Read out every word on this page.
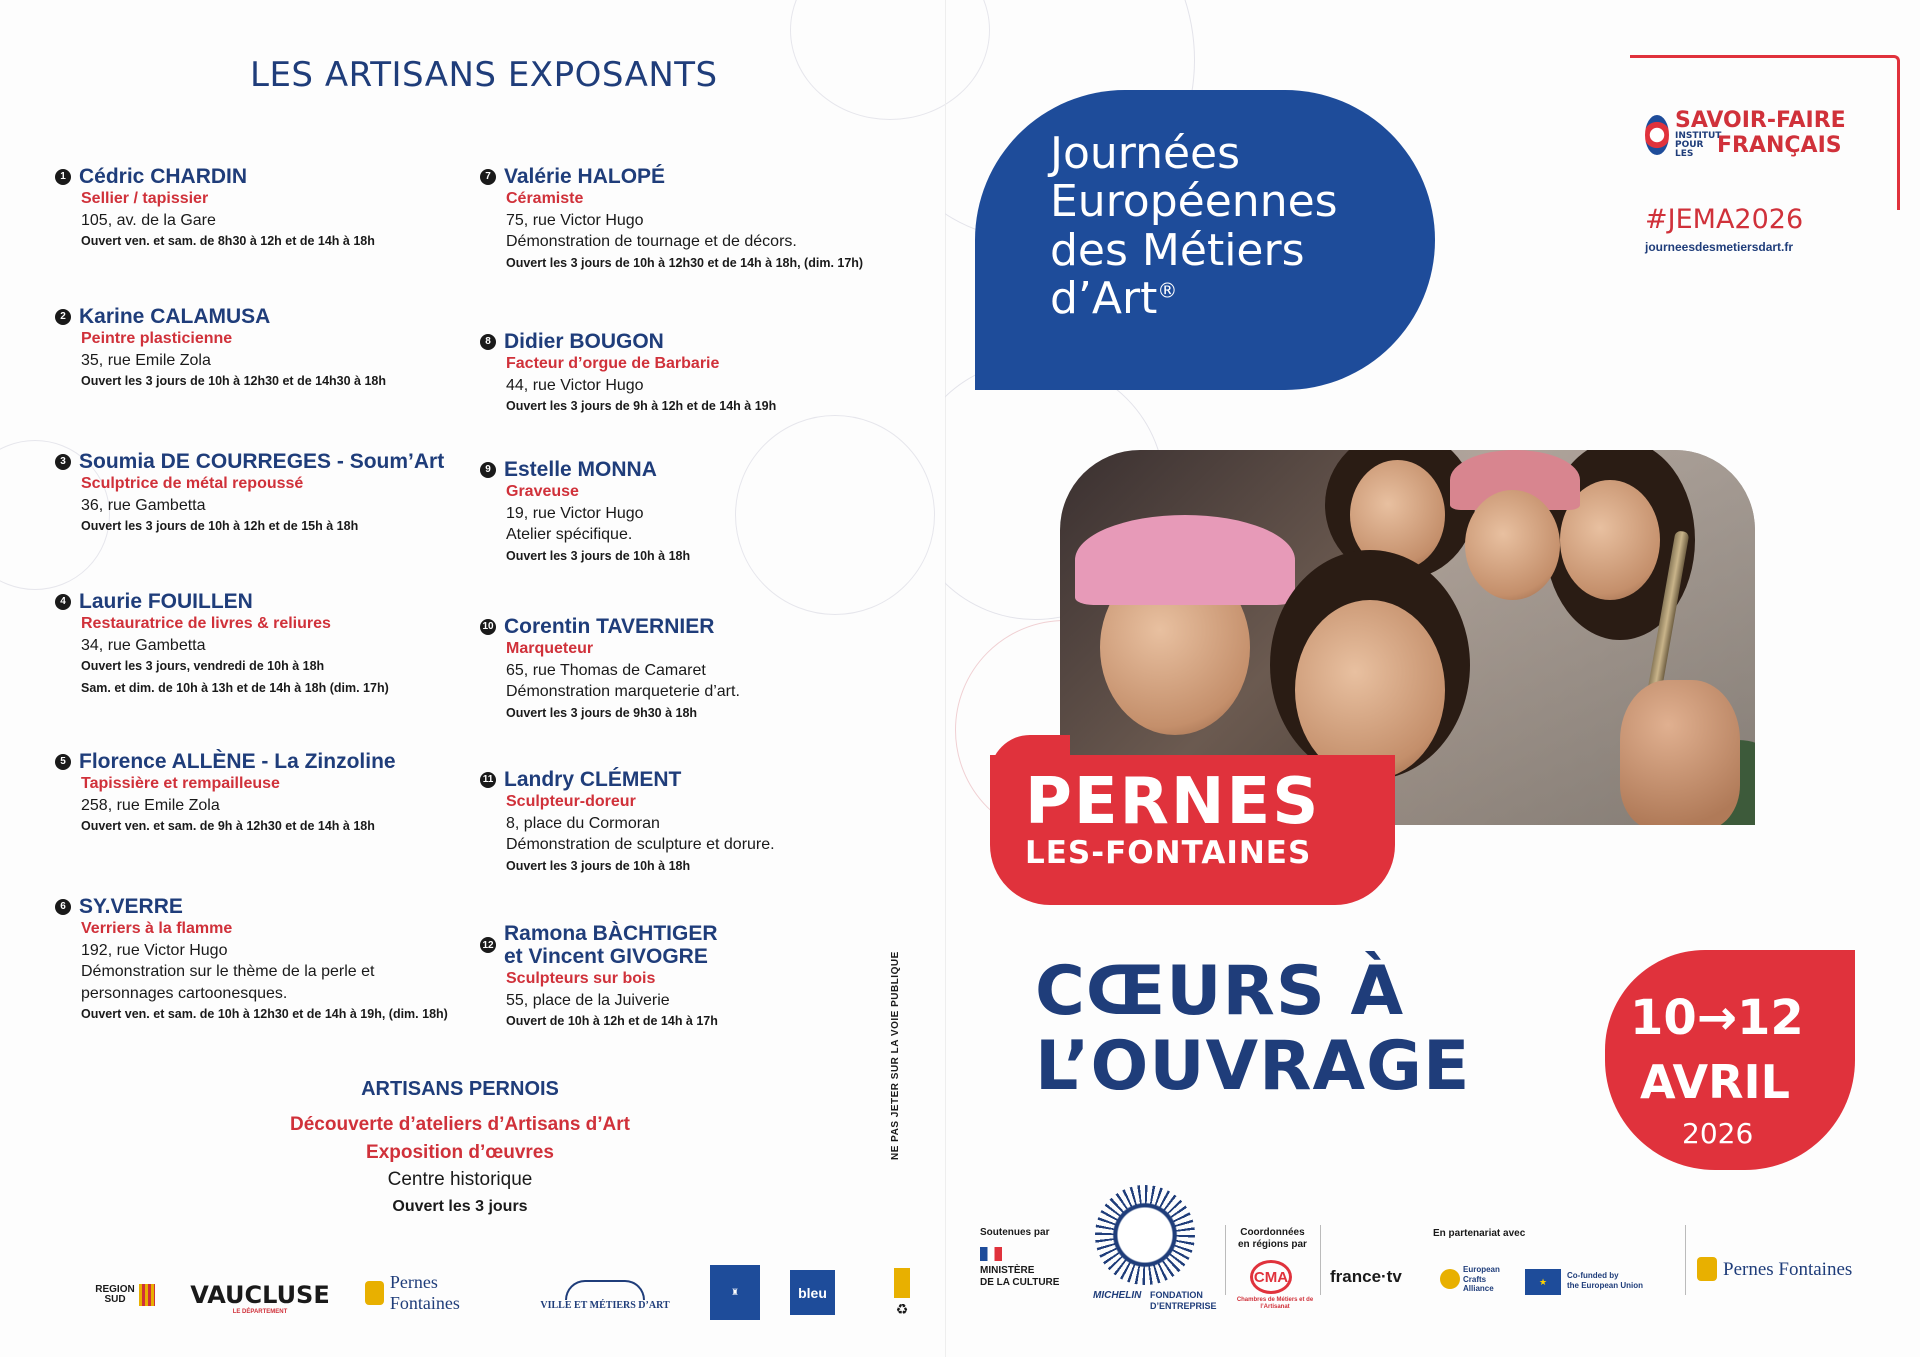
LES ARTISANS EXPOSANTS
1 Cédric CHARDIN
Sellier / tapissier
105, av. de la Gare
Ouvert ven. et sam. de 8h30 à 12h et de 14h à 18h
2 Karine CALAMUSA
Peintre plasticienne
35, rue Emile Zola
Ouvert les 3 jours de 10h à 12h30 et de 14h30 à 18h
3 Soumia DE COURREGES - Soum’Art
Sculptrice de métal repoussé
36, rue Gambetta
Ouvert les 3 jours de 10h à 12h et de 15h à 18h
4 Laurie FOUILLEN
Restauratrice de livres & reliures
34, rue Gambetta
Ouvert les 3 jours, vendredi de 10h à 18h
Sam. et dim. de 10h à 13h et de 14h à 18h (dim. 17h)
5 Florence ALLÈNE - La Zinzoline
Tapissière et rempailleuse
258, rue Emile Zola
Ouvert ven. et sam. de 9h à 12h30 et de 14h à 18h
6 SY.VERRE
Verriers à la flamme
192, rue Victor Hugo
Démonstration sur le thème de la perle et
personnages cartoonesques.
Ouvert ven. et sam. de 10h à 12h30 et de 14h à 19h, (dim. 18h)
7 Valérie HALOPÉ
Céramiste
75, rue Victor Hugo
Démonstration de tournage et de décors.
Ouvert les 3 jours de 10h à 12h30 et de 14h à 18h, (dim. 17h)
8 Didier BOUGON
Facteur d’orgue de Barbarie
44, rue Victor Hugo
Ouvert les 3 jours de 9h à 12h et de 14h à 19h
9 Estelle MONNA
Graveuse
19, rue Victor Hugo
Atelier spécifique.
Ouvert les 3 jours de 10h à 18h
10 Corentin TAVERNIER
Marqueteur
65, rue Thomas de Camaret
Démonstration marqueterie d’art.
Ouvert les 3 jours de 9h30 à 18h
11 Landry CLÉMENT
Sculpteur-doreur
8, place du Cormoran
Démonstration de sculpture et dorure.
Ouvert les 3 jours de 10h à 18h
12
Ramona BÀCHTIGER
et Vincent GIVOGRE
Sculpteurs sur bois
55, place de la Juiverie
Ouvert de 10h à 12h et de 14h à 17h
ARTISANS PERNOIS
Découverte d’ateliers d’Artisans d’Art
Exposition d’œuvres
Centre historique
Ouvert les 3 jours
REGION SUD	VAUCLUSE
LE DÉPARTEMENT
Pernes Fontaines	VILLE ET MÉTIERS D’ART
♜	bleu
♻
NE PAS JETER SUR LA VOIE PUBLIQUE
Journées
Européennes
des Métiers
d’Art®
PERNES
LES-FONTAINES
CŒURS À
L’OUVRAGE
10→12
AVRIL
2026
SAVOIR-FAIRE
INSTITUT POUR LES	FRANÇAIS
#JEMA2026
journeesdesmetiersdart.fr
Soutenues par
MINISTÈRE
DE LA CULTURE
MICHELIN FONDATION
D’ENTREPRISE
Coordonnées
en régions par
CMA
Chambres de Métiers et de l’Artisanat
En partenariat avec
france·tv	European
Crafts
Alliance
★
Co-funded by
the European Union
Pernes Fontaines
